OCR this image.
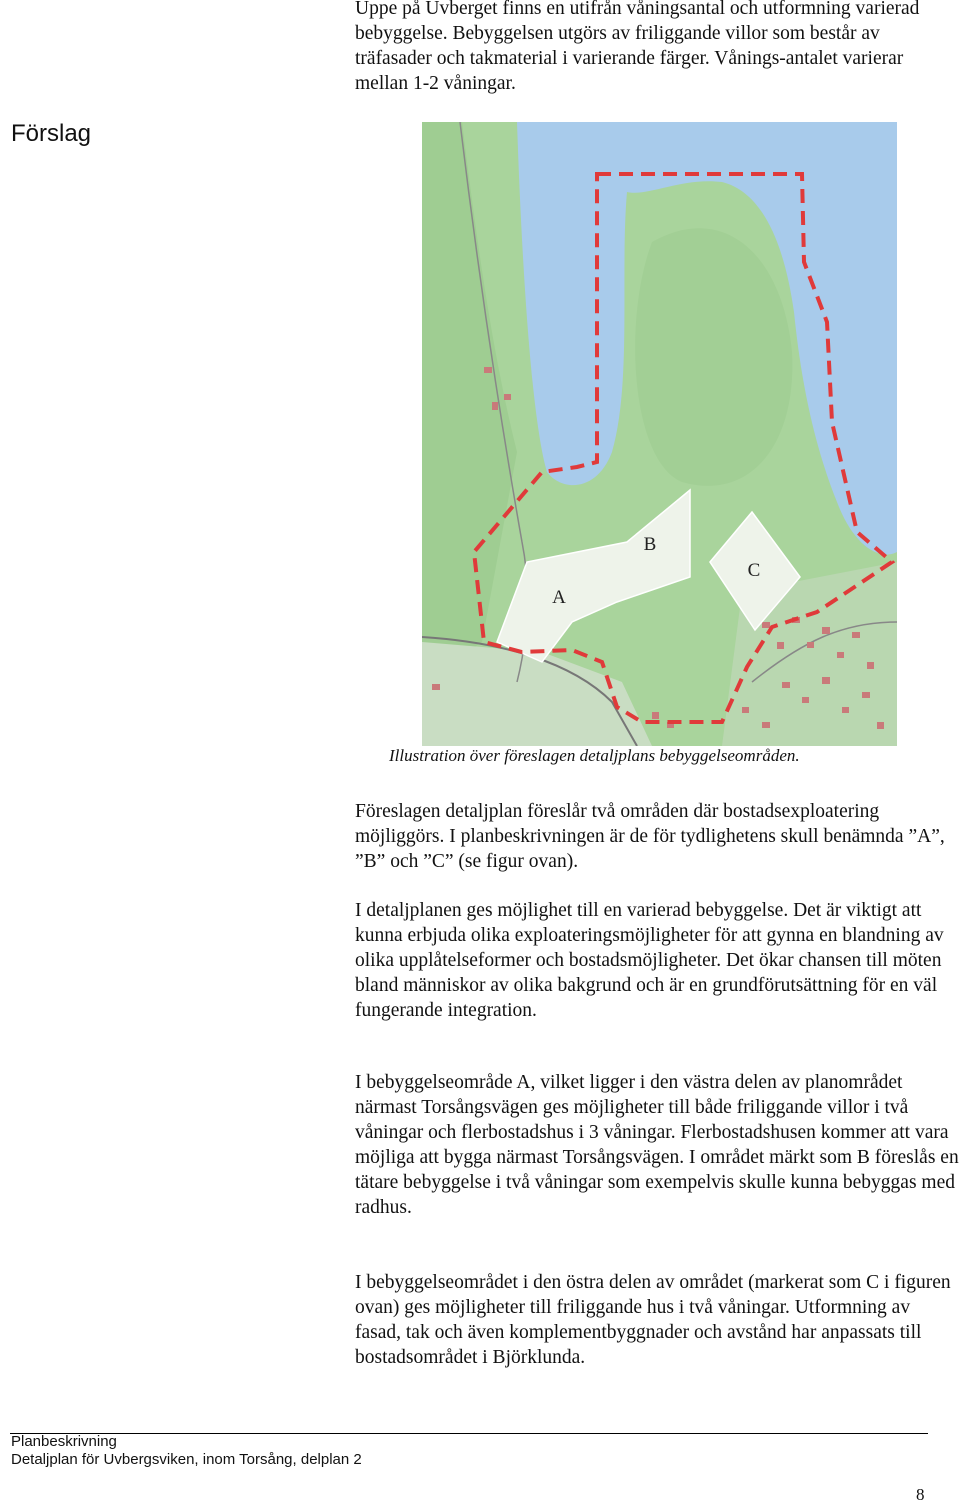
Uppe på Uvberget finns en utifrån våningsantal och utformning varierad bebyggelse. Bebyggelsen utgörs av friliggande villor som består av träfasader och takmaterial i varierande färger. Vånings-antalet varierar mellan 1-2 våningar.
Förslag
A
B
C
Illustration över föreslagen detaljplans bebyggelseområden.

Föreslagen detaljplan föreslår två områden där bostadsexploatering möjliggörs. I planbeskrivningen är de för tydlighetens skull benämnda ”A”, ”B” och ”C” (se figur ovan).

I detaljplanen ges möjlighet till en varierad bebyggelse. Det är viktigt att kunna erbjuda olika exploateringsmöjligheter för att gynna en blandning av olika upplåtelseformer och bostadsmöjligheter. Det ökar chansen till möten bland människor av olika bakgrund och är en grundförutsättning för en väl fungerande integration.

I bebyggelseområde A, vilket ligger i den västra delen av planområdet närmast Torsångsvägen ges möjligheter till både friliggande villor i två våningar och flerbostadshus i 3 våningar. Flerbostadshusen kommer att vara möjliga att bygga närmast Torsångsvägen. I området märkt som B föreslås en tätare bebyggelse i två våningar som exempelvis skulle kunna bebyggas med radhus.

I bebyggelseområdet i den östra delen av området (markerat som C i figuren ovan) ges möjligheter till friliggande hus i två våningar. Utformning av fasad, tak och även komplementbyggnader och avstånd har anpassats till bostadsområdet i Björklunda.

Planbeskrivning
Detaljplan för Uvbergsviken, inom Torsång, delplan 2
8
